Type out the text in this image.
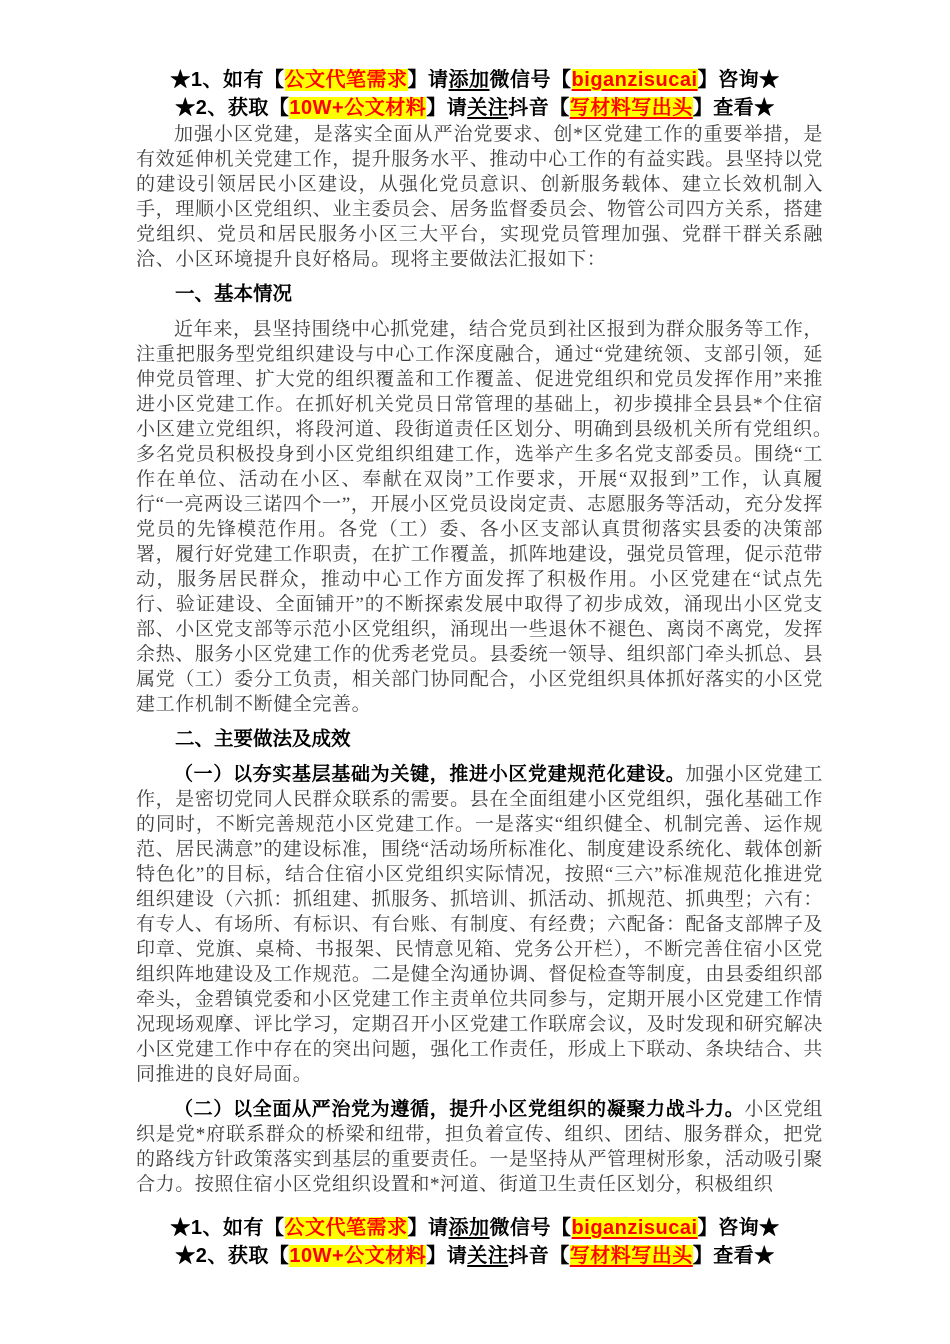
★1、如有【公文代笔需求】请添加微信号【biganzisucai】咨询★
★2、获取【10W+公文材料】请关注抖音【写材料写出头】查看★

加强小区党建，是落实全面从严治党要求、创*区党建工作的重要举措，是有效延伸机关党建工作，提升服务水平、推动中心工作的有益实践。县坚持以党的建设引领居民小区建设，从强化党员意识、创新服务载体、建立长效机制入手，理顺小区党组织、业主委员会、居务监督委员会、物管公司四方关系，搭建党组织、党员和居民服务小区三大平台，实现党员管理加强、党群干群关系融洽、小区环境提升良好格局。现将主要做法汇报如下：

一、基本情况

近年来，县坚持围绕中心抓党建，结合党员到社区报到为群众服务等工作，注重把服务型党组织建设与中心工作深度融合，通过“党建统领、支部引领，延伸党员管理、扩大党的组织覆盖和工作覆盖、促进党组织和党员发挥作用”来推进小区党建工作。在抓好机关党员日常管理的基础上，初步摸排全县县*个住宿小区建立党组织，将段河道、段街道责任区划分、明确到县级机关所有党组织。　多名党员积极投身到小区党组织组建工作，选举产生多名党支部委员。围绕“工作在单位、活动在小区、奉献在双岗”工作要求，开展“双报到”工作，认真履行“一亮两设三诺四个一”，开展小区党员设岗定责、志愿服务等活动，充分发挥党员的先锋模范作用。各党（工）委、各小区支部认真贯彻落实县委的决策部署，履行好党建工作职责，在扩工作覆盖，抓阵地建设，强党员管理，促示范带动，服务居民群众，推动中心工作方面发挥了积极作用。小区党建在“试点先行、验证建设、全面铺开”的不断探索发展中取得了初步成效，涌现出小区党支部、小区党支部等示范小区党组织，涌现出一些退休不褪色、离岗不离党，发挥余热、服务小区党建工作的优秀老党员。县委统一领导、组织部门牵头抓总、县属党（工）委分工负责，相关部门协同配合，小区党组织具体抓好落实的小区党建工作机制不断健全完善。

二、主要做法及成效

（一）以夯实基层基础为关键，推进小区党建规范化建设。加强小区党建工作，是密切党同人民群众联系的需要。县在全面组建小区党组织，强化基础工作的同时，不断完善规范小区党建工作。一是落实“组织健全、机制完善、运作规范、居民满意”的建设标准，围绕“活动场所标准化、制度建设系统化、载体创新特色化”的目标，结合住宿小区党组织实际情况，按照“三六”标准规范化推进党组织建设（六抓：抓组建、抓服务、抓培训、抓活动、抓规范、抓典型；六有：有专人、有场所、有标识、有台账、有制度、有经费；六配备：配备支部牌子及印章、党旗、桌椅、书报架、民情意见箱、党务公开栏），不断完善住宿小区党组织阵地建设及工作规范。二是健全沟通协调、督促检查等制度，由县委组织部牵头，金碧镇党委和小区党建工作主责单位共同参与，定期开展小区党建工作情况现场观摩、评比学习，定期召开小区党建工作联席会议，及时发现和研究解决小区党建工作中存在的突出问题，强化工作责任，形成上下联动、条块结合、共同推进的良好局面。

（二）以全面从严治党为遵循，提升小区党组织的凝聚力战斗力。小区党组织是党*府联系群众的桥梁和纽带，担负着宣传、组织、团结、服务群众，把党的路线方针政策落实到基层的重要责任。一是坚持从严管理树形象，活动吸引聚合力。按照住宿小区党组织设置和*河道、街道卫生责任区划分，积极组织

★1、如有【公文代笔需求】请添加微信号【biganzisucai】咨询★
★2、获取【10W+公文材料】请关注抖音【写材料写出头】查看★
